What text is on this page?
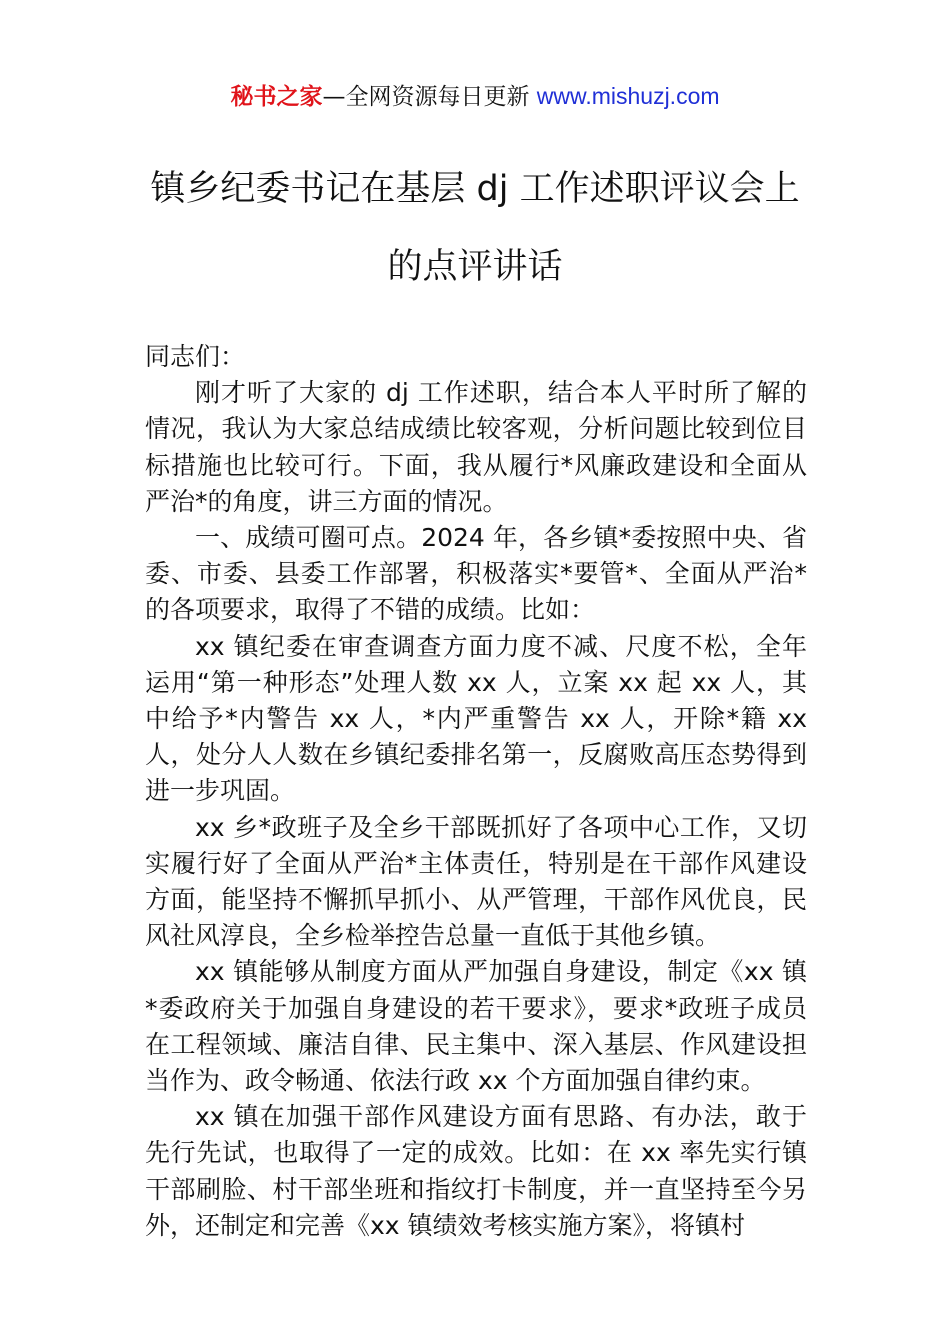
秘书之家—全网资源每日更新 www.mishuzj.com
镇乡纪委书记在基层 dj 工作述职评议会上
的点评讲话

同志们：

刚才听了大家的 dj 工作述职，结合本人平时所了解的情况，我认为大家总结成绩比较客观，分析问题比较到位目标措施也比较可行。下面，我从履行*风廉政建设和全面从严治*的角度，讲三方面的情况。

一、成绩可圈可点。2024 年，各乡镇*委按照中央、省委、市委、县委工作部署，积极落实*要管*、全面从严治*的各项要求，取得了不错的成绩。比如：

xx 镇纪委在审查调查方面力度不减、尺度不松，全年运用“第一种形态”处理人数 xx 人，立案 xx 起 xx 人，其中给予*内警告 xx 人，*内严重警告 xx 人，开除*籍 xx 人，处分人人数在乡镇纪委排名第一，反腐败高压态势得到进一步巩固。

xx 乡*政班子及全乡干部既抓好了各项中心工作，又切实履行好了全面从严治*主体责任，特别是在干部作风建设方面，能坚持不懈抓早抓小、从严管理，干部作风优良，民风社风淳良，全乡检举控告总量一直低于其他乡镇。

xx 镇能够从制度方面从严加强自身建设，制定《xx 镇*委政府关于加强自身建设的若干要求》，要求*政班子成员在工程领域、廉洁自律、民主集中、深入基层、作风建设担当作为、政令畅通、依法行政 xx 个方面加强自律约束。

xx 镇在加强干部作风建设方面有思路、有办法，敢于先行先试，也取得了一定的成效。比如：在 xx 率先实行镇干部刷脸、村干部坐班和指纹打卡制度，并一直坚持至今另外，还制定和完善《xx 镇绩效考核实施方案》，将镇村
